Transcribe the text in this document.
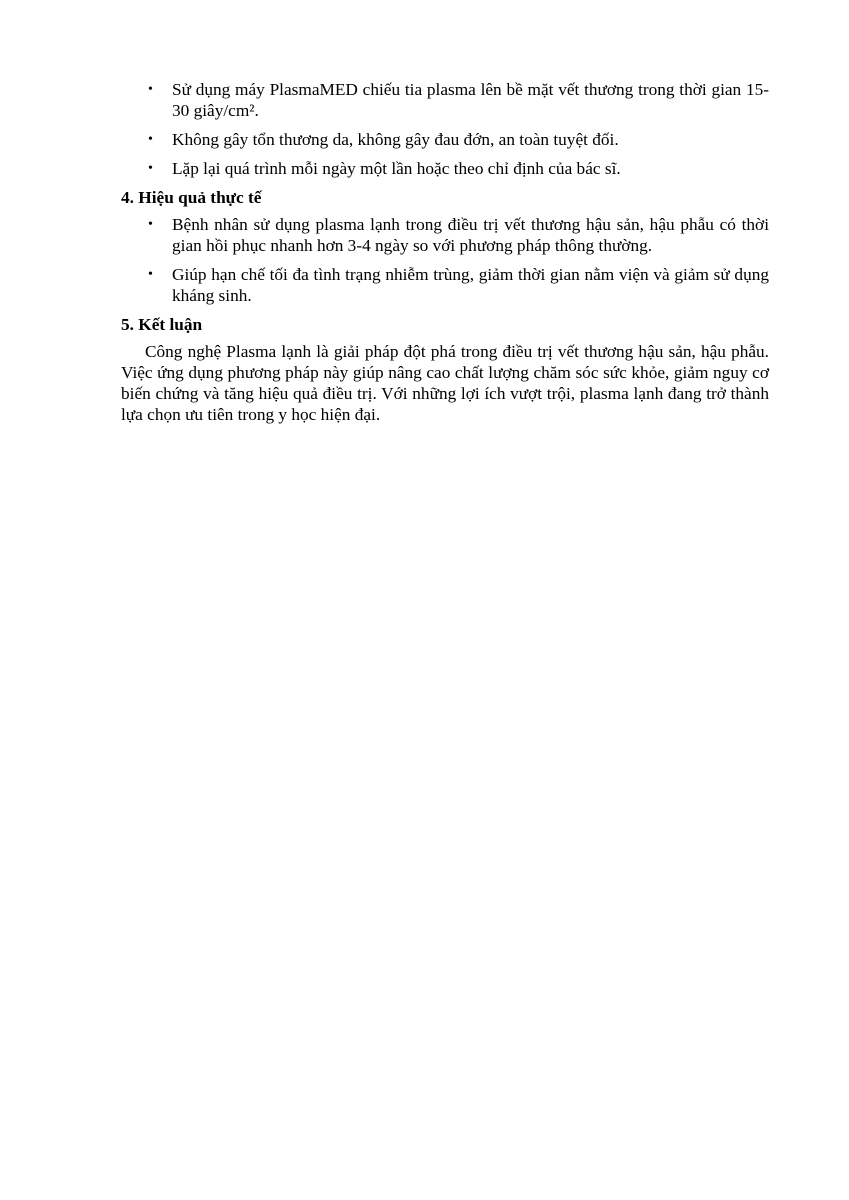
• Sử dụng máy PlasmaMED chiếu tia plasma lên bề mặt vết thương trong thời gian 15-30 giây/cm².
• Không gây tổn thương da, không gây đau đớn, an toàn tuyệt đối.
• Lặp lại quá trình mỗi ngày một lần hoặc theo chỉ định của bác sĩ.
4. Hiệu quả thực tế
• Bệnh nhân sử dụng plasma lạnh trong điều trị vết thương hậu sản, hậu phẫu có thời gian hồi phục nhanh hơn 3-4 ngày so với phương pháp thông thường.
• Giúp hạn chế tối đa tình trạng nhiễm trùng, giảm thời gian nằm viện và giảm sử dụng kháng sinh.
5. Kết luận

Công nghệ Plasma lạnh là giải pháp đột phá trong điều trị vết thương hậu sản, hậu phẫu. Việc ứng dụng phương pháp này giúp nâng cao chất lượng chăm sóc sức khỏe, giảm nguy cơ biến chứng và tăng hiệu quả điều trị. Với những lợi ích vượt trội, plasma lạnh đang trở thành lựa chọn ưu tiên trong y học hiện đại.
